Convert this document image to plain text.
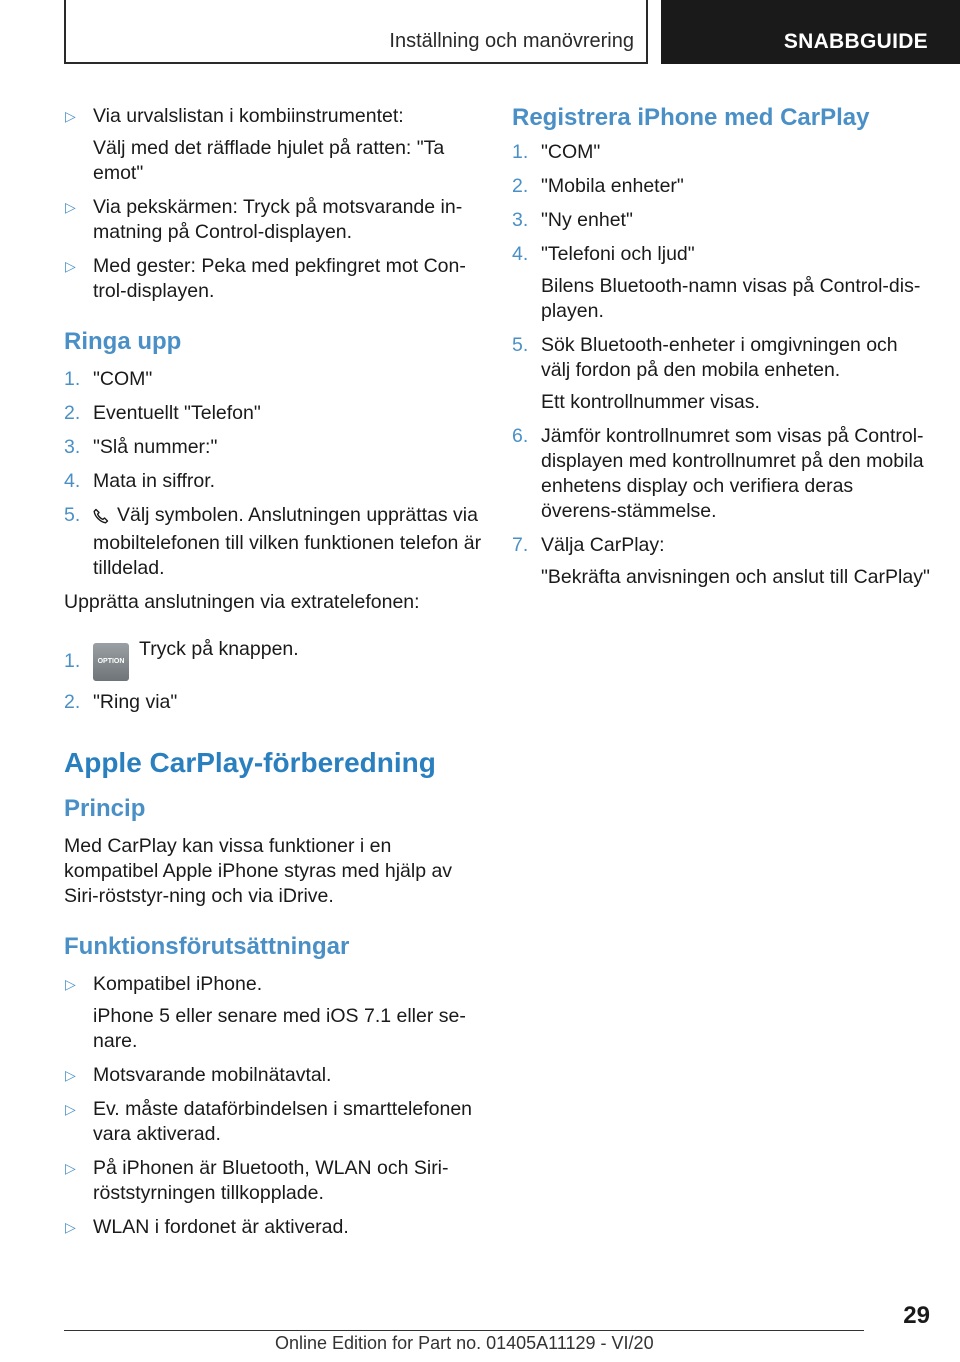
Inställning och manövrering	SNABBGUIDE
▷ Via urvalslistan i kombiinstrumentet:
Välj med det räfflade hjulet på ratten: "Ta emot"
▷ Via pekskärmen: Tryck på motsvarande in-matning på Control-displayen.
▷ Med gester: Peka med pekfingret mot Con-trol-displayen.
Ringa upp
1. "COM"
2. Eventuellt "Telefon"
3. "Slå nummer:"
4. Mata in siffror.
5.	Välj symbolen. Anslutningen upprättas via mobiltelefonen till vilken funktionen telefon är tilldelad.
Upprätta anslutningen via extratelefonen:
1.	OPTIONTryck på knappen.
2. "Ring via"
Apple CarPlay-förberedning
Princip
Med CarPlay kan vissa funktioner i en kompatibel Apple iPhone styras med hjälp av Siri-röststyr-ning och via iDrive.
Funktionsförutsättningar
▷ Kompatibel iPhone.
iPhone 5 eller senare med iOS 7.1 eller se-nare.
▷ Motsvarande mobilnätavtal.
▷ Ev. måste dataförbindelsen i smarttelefonen vara aktiverad.
▷ På iPhonen är Bluetooth, WLAN och Siri-röststyrningen tillkopplade.
▷ WLAN i fordonet är aktiverad.
Registrera iPhone med CarPlay
1. "COM"
2. "Mobila enheter"
3. "Ny enhet"
4. "Telefoni och ljud"
Bilens Bluetooth-namn visas på Control-dis-playen.
5. Sök Bluetooth-enheter i omgivningen och välj fordon på den mobila enheten.
Ett kontrollnummer visas.
6. Jämför kontrollnumret som visas på Control-displayen med kontrollnumret på den mobila enhetens display och verifiera deras överens-stämmelse.
7. Välja CarPlay:
"Bekräfta anvisningen och anslut till CarPlay"
29
Online Edition for Part no. 01405A11129 - VI/20
